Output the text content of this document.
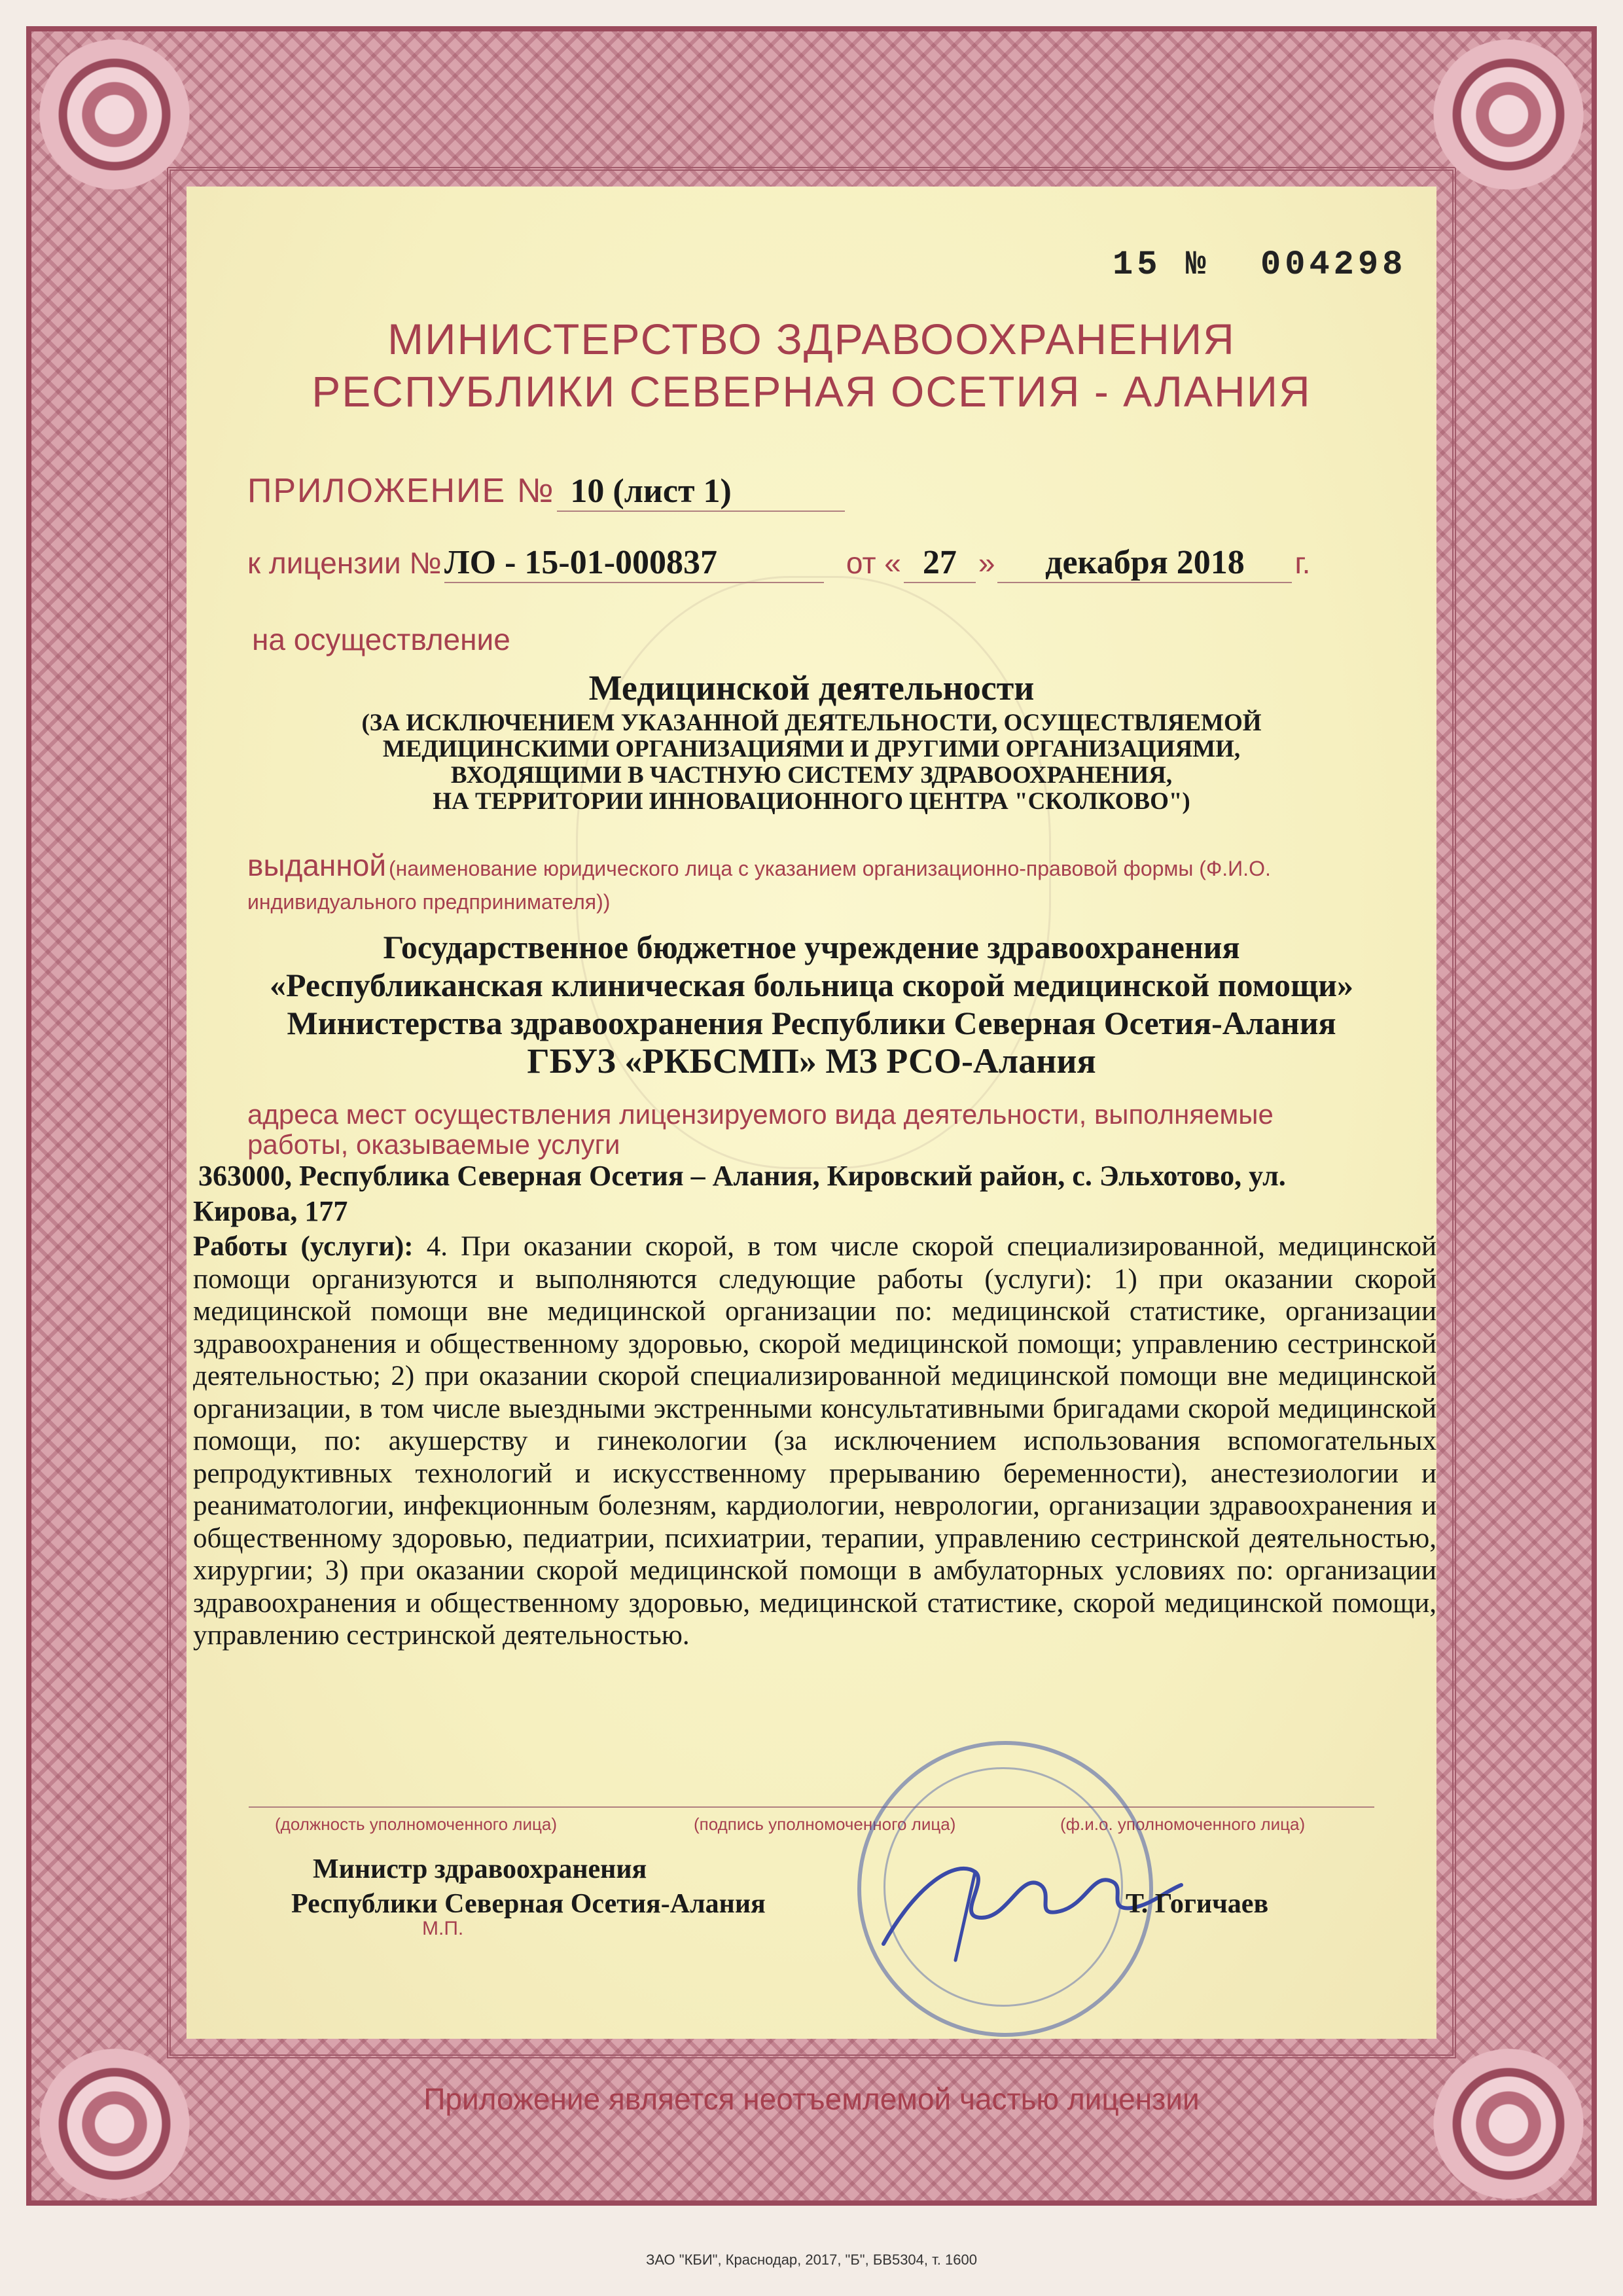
15 № 004298
МИНИСТЕРСТВО ЗДРАВООХРАНЕНИЯ
РЕСПУБЛИКИ СЕВЕРНАЯ ОСЕТИЯ - АЛАНИЯ
ПРИЛОЖЕНИЕ № 10 (лист 1)
к лицензии № ЛО - 15-01-000837	от « 27 » декабря 2018 г.
на осуществление
Медицинской деятельности
(ЗА ИСКЛЮЧЕНИЕМ УКАЗАННОЙ ДЕЯТЕЛЬНОСТИ, ОСУЩЕСТВЛЯЕМОЙ
МЕДИЦИНСКИМИ ОРГАНИЗАЦИЯМИ И ДРУГИМИ ОРГАНИЗАЦИЯМИ,
ВХОДЯЩИМИ В ЧАСТНУЮ СИСТЕМУ ЗДРАВООХРАНЕНИЯ,
НА ТЕРРИТОРИИ ИННОВАЦИОННОГО ЦЕНТРА "СКОЛКОВО")
выданной (наименование юридического лица с указанием организационно-правовой формы (Ф.И.О.
индивидуального предпринимателя))
Государственное бюджетное учреждение здравоохранения
«Республиканская клиническая больница скорой медицинской помощи»
Министерства здравоохранения Республики Северная Осетия-Алания
ГБУЗ «РКБСМП» МЗ РСО-Алания
адреса мест осуществления лицензируемого вида деятельности, выполняемые
работы, оказываемые услуги
363000, Республика Северная Осетия – Алания, Кировский район, с. Эльхотово, ул.
Кирова, 177
Работы (услуги): 4. При оказании скорой, в том числе скорой специализированной, медицинской помощи организуются и выполняются следующие работы (услуги): 1) при оказании скорой медицинской помощи вне медицинской организации по: медицинской статистике, организации здравоохранения и общественному здоровью, скорой медицинской помощи; управлению сестринской деятельностью; 2) при оказании скорой специализированной медицинской помощи вне медицинской организации, в том числе выездными экстренными консультативными бригадами скорой медицинской помощи, по: акушерству и гинекологии (за исключением использования вспомогательных репродуктивных технологий и искусственному прерыванию беременности), анестезиологии и реаниматологии, инфекционным болезням, кардиологии, неврологии, организации здравоохранения и общественному здоровью, педиатрии, психиатрии, терапии, управлению сестринской деятельностью, хирургии; 3) при оказании скорой медицинской помощи в амбулаторных условиях по: организации здравоохранения и общественному здоровью, медицинской статистике, скорой медицинской помощи, управлению сестринской деятельностью.
(должность уполномоченного лица)	(подпись уполномоченного лица)	(ф.и.о. уполномоченного лица)
Министр здравоохранения
Республики Северная Осетия-Алания	Т. Гогичаев
М.П.
Приложение является неотъемлемой частью лицензии
ЗАО "КБИ", Краснодар, 2017, "Б", БВ5304, т. 1600
